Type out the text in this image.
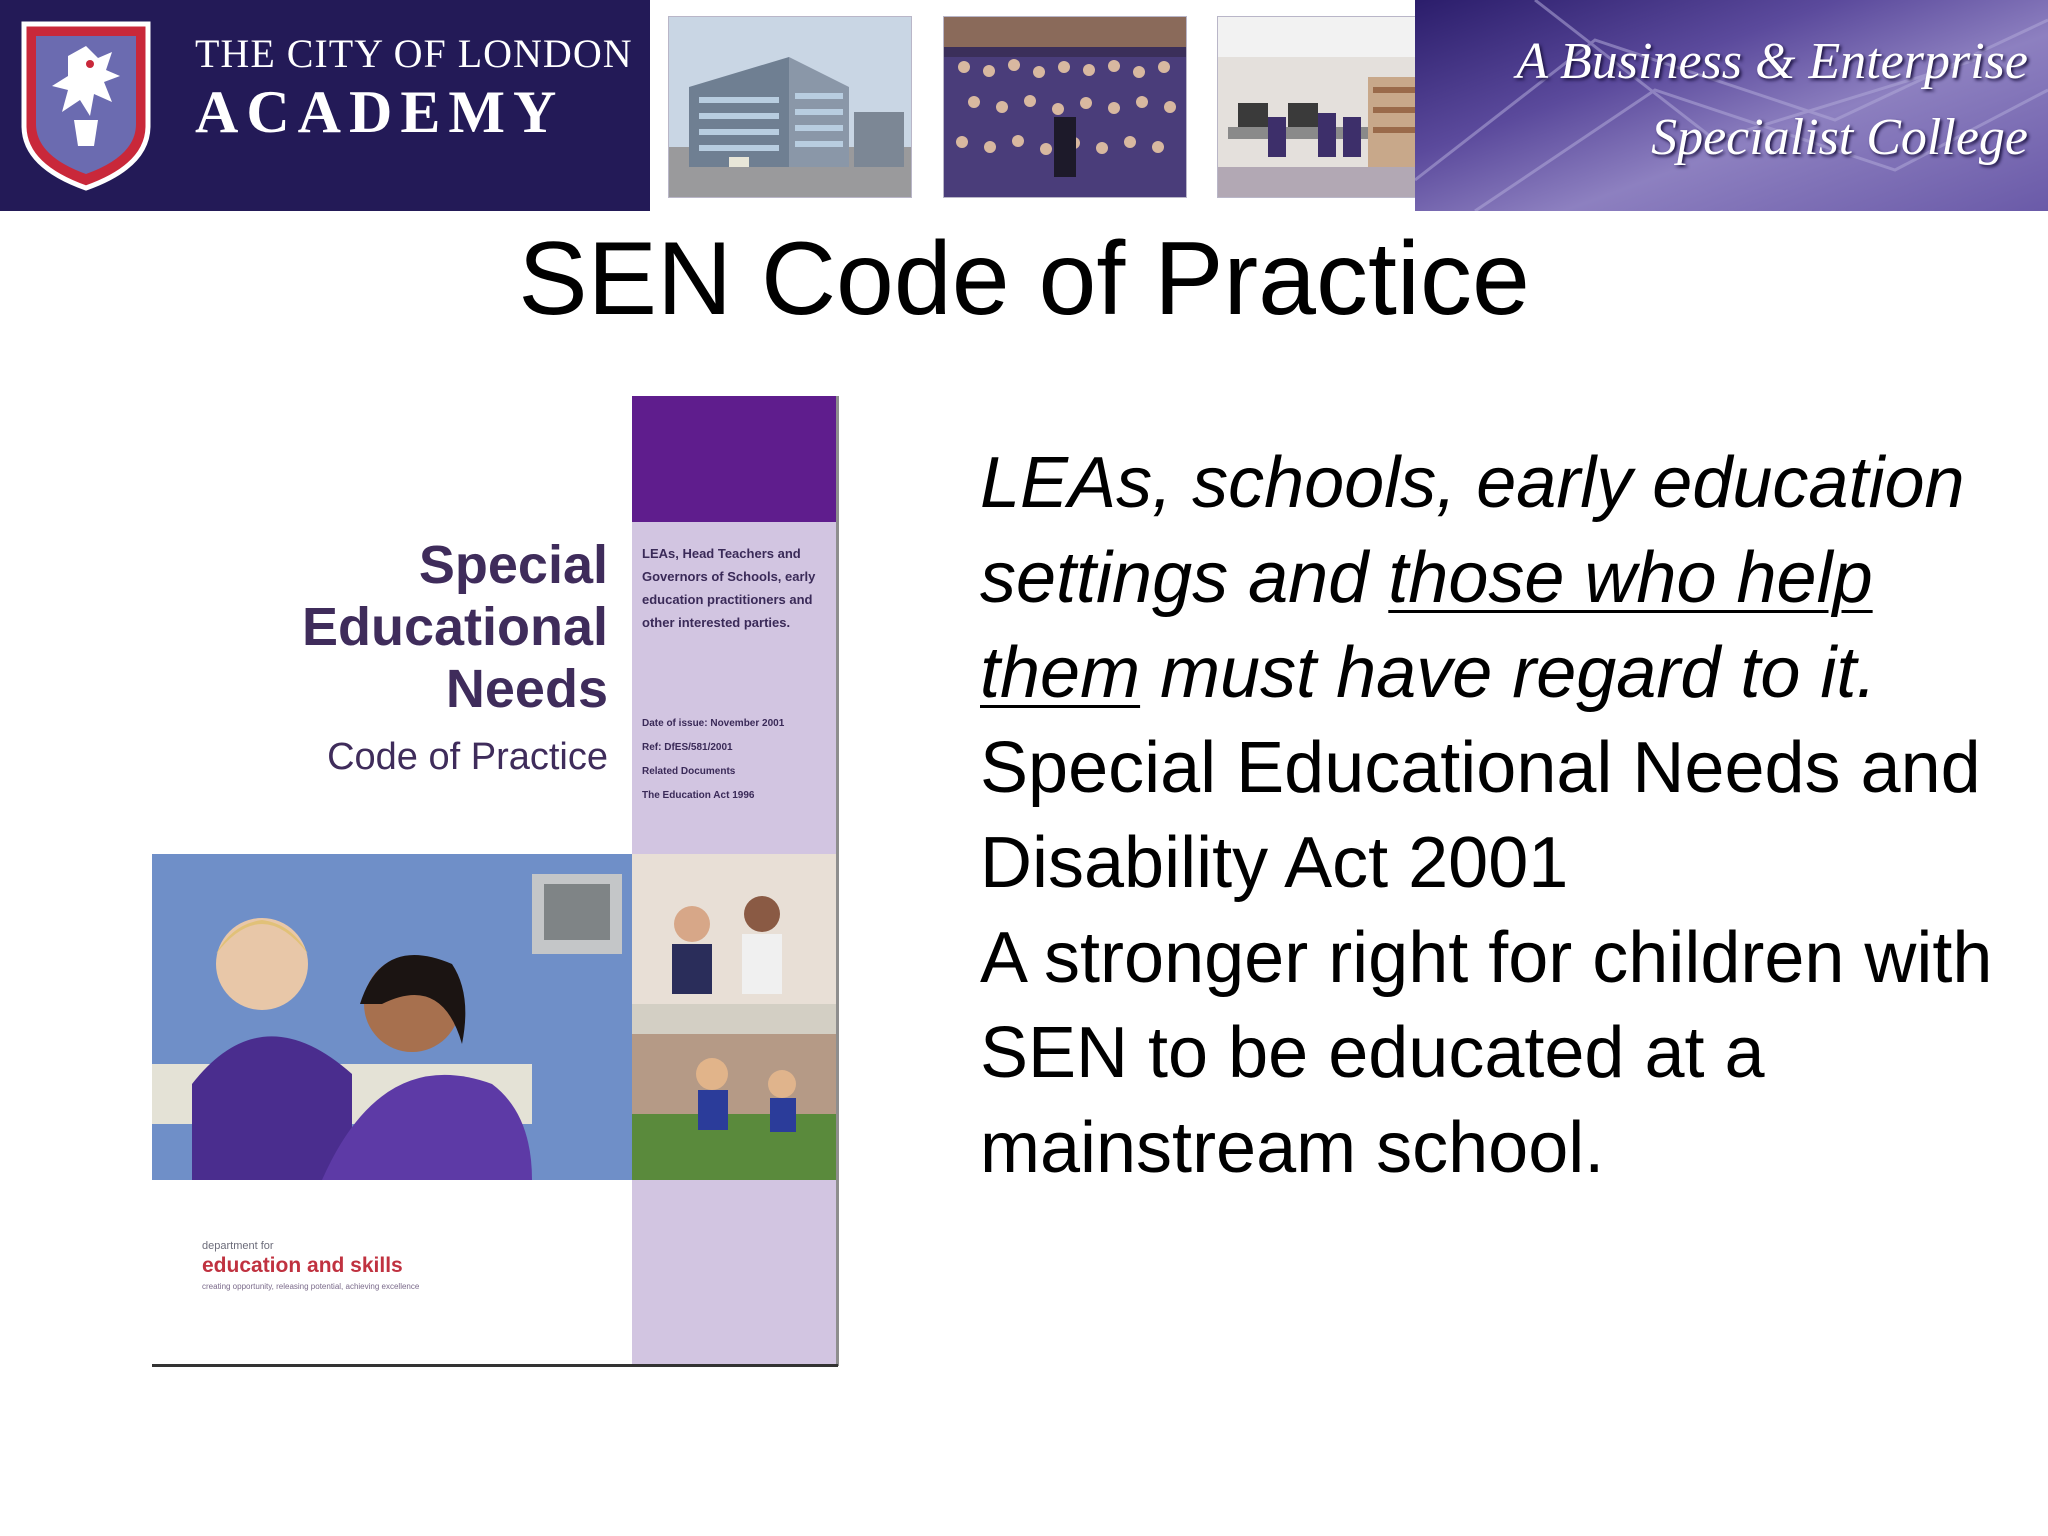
THE CITY OF LONDON
ACADEMY
A Business & Enterprise
Specialist College
SEN Code of Practice
Special
Educational
Needs
Code of Practice
LEAs, Head Teachers and Governors of Schools, early education practitioners and other interested parties.
Date of issue: November 2001
Ref: DfES/581/2001
Related Documents
The Education Act 1996
department for
education and skills
creating opportunity, releasing potential, achieving excellence

LEAs, schools, early education settings and those who help them must have regard to it.

Special Educational Needs and Disability Act 2001

A stronger right for children with SEN to be educated at a mainstream school.
